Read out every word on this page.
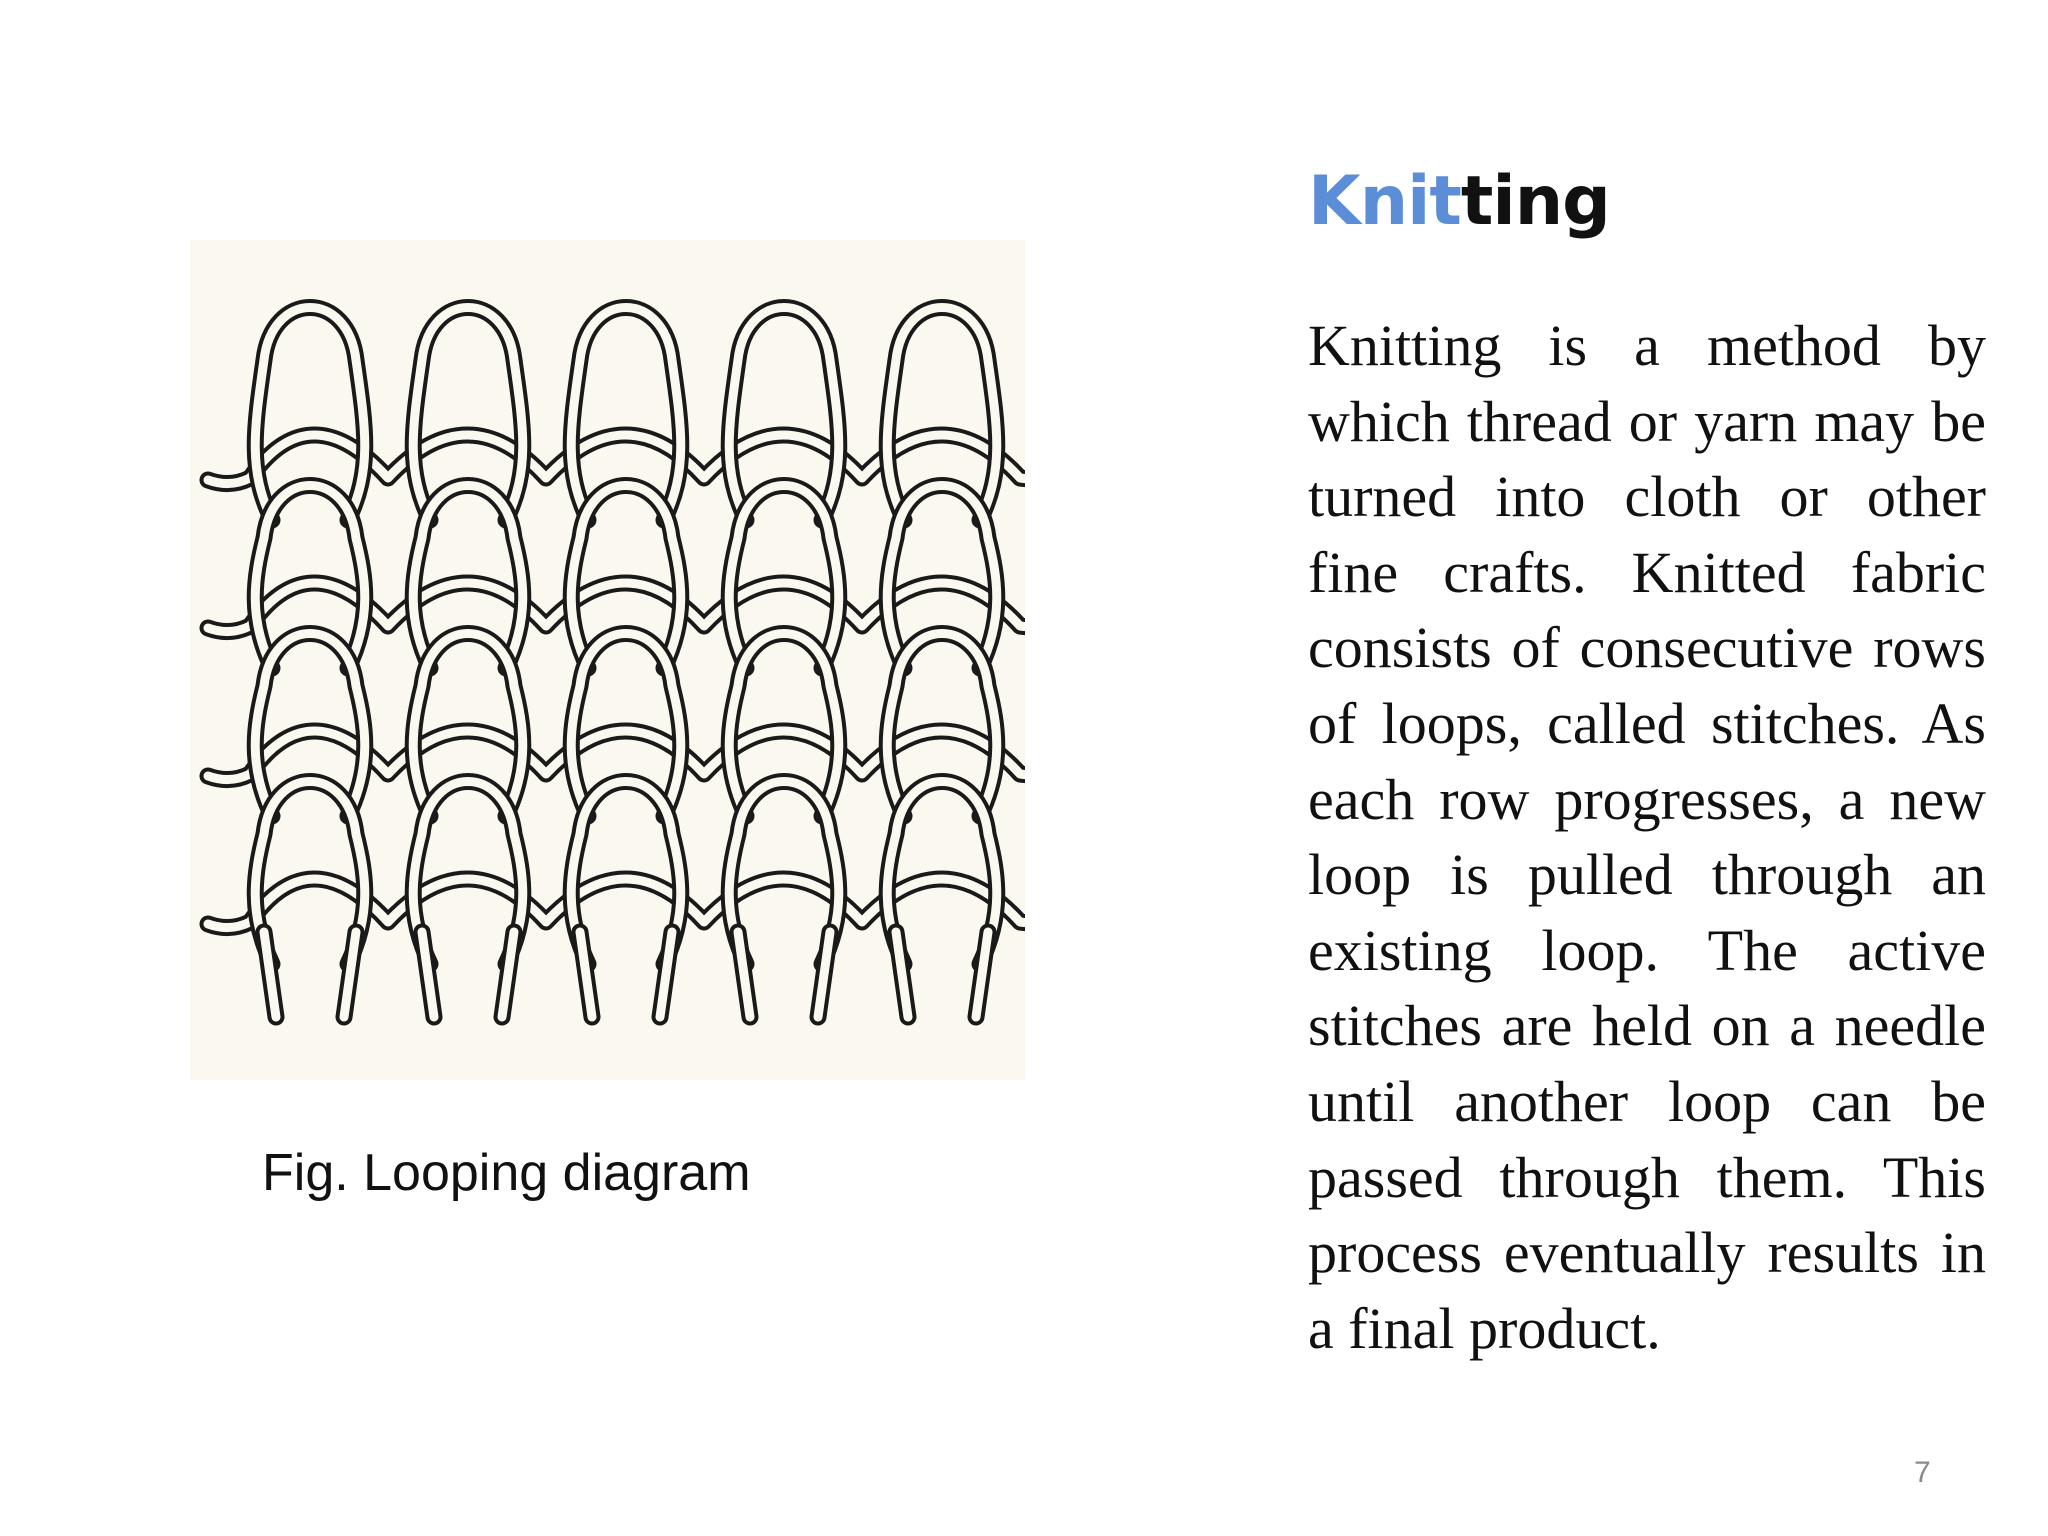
Fig. Looping diagram
Knitting
Knitting is a method by which thread or yarn may be turned into cloth or other fine crafts. Knitted fabric consists of consecutive rows of loops, called stitches. As each row progresses, a new loop is pulled through an existing loop. The active stitches are held on a needle until another loop can be passed through them. This process eventually results in a final product.
7
